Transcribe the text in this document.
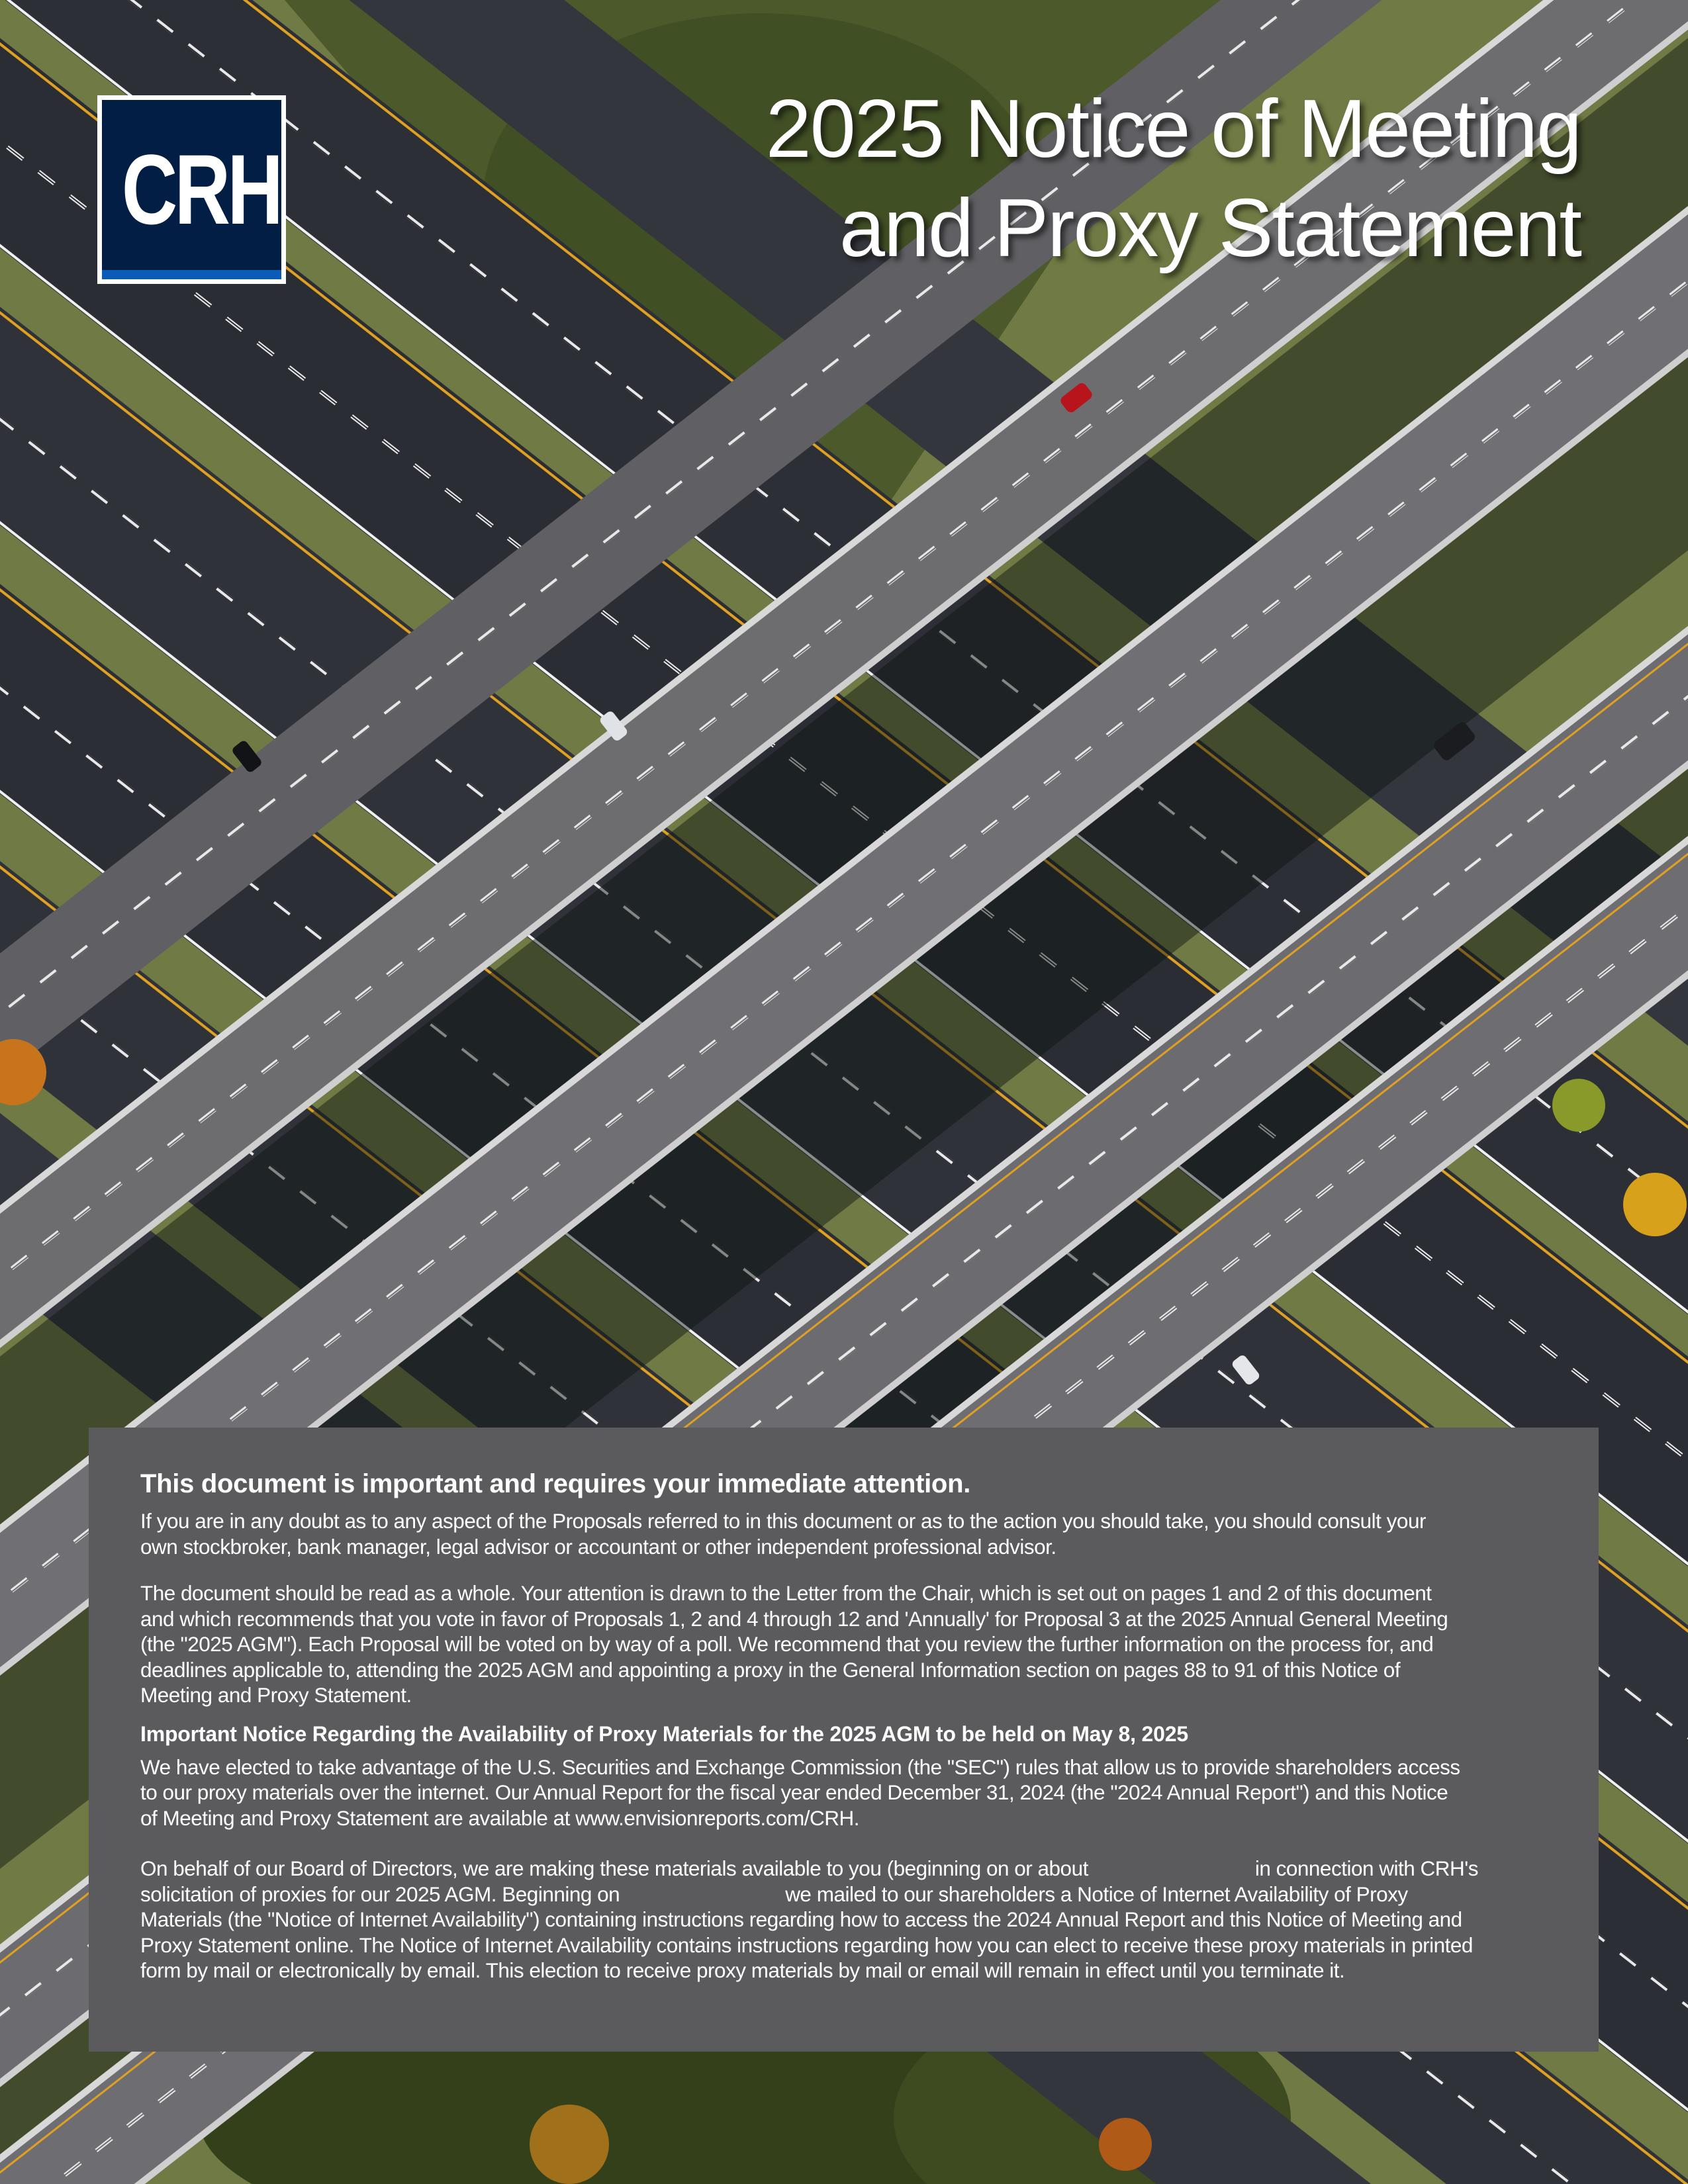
CRH
2025 Notice of Meeting
and Proxy Statement
This document is important and requires your immediate attention.

If you are in any doubt as to any aspect of the Proposals referred to in this document or as to the action you should take, you should consult your
own stockbroker, bank manager, legal advisor or accountant or other independent professional advisor.

The document should be read as a whole. Your attention is drawn to the Letter from the Chair, which is set out on pages 1 and 2 of this document
and which recommends that you vote in favor of Proposals 1, 2 and 4 through 12 and 'Annually' for Proposal 3 at the 2025 Annual General Meeting
(the "2025 AGM"). Each Proposal will be voted on by way of a poll. We recommend that you review the further information on the process for, and
deadlines applicable to, attending the 2025 AGM and appointing a proxy in the General Information section on pages 88 to 91 of this Notice of
Meeting and Proxy Statement.

Important Notice Regarding the Availability of Proxy Materials for the 2025 AGM to be held on May 8, 2025

We have elected to take advantage of the U.S. Securities and Exchange Commission (the "SEC") rules that allow us to provide shareholders access
to our proxy materials over the internet. Our Annual Report for the fiscal year ended December 31, 2024 (the "2024 Annual Report") and this Notice
of Meeting and Proxy Statement are available at www.envisionreports.com/CRH.

On behalf of our Board of Directors, we are making these materials available to you (beginning on or about	in connection with CRH's
solicitation of proxies for our 2025 AGM. Beginning on	we mailed to our shareholders a Notice of Internet Availability of Proxy
Materials (the "Notice of Internet Availability") containing instructions regarding how to access the 2024 Annual Report and this Notice of Meeting and
Proxy Statement online. The Notice of Internet Availability contains instructions regarding how you can elect to receive these proxy materials in printed
form by mail or electronically by email. This election to receive proxy materials by mail or email will remain in effect until you terminate it.
